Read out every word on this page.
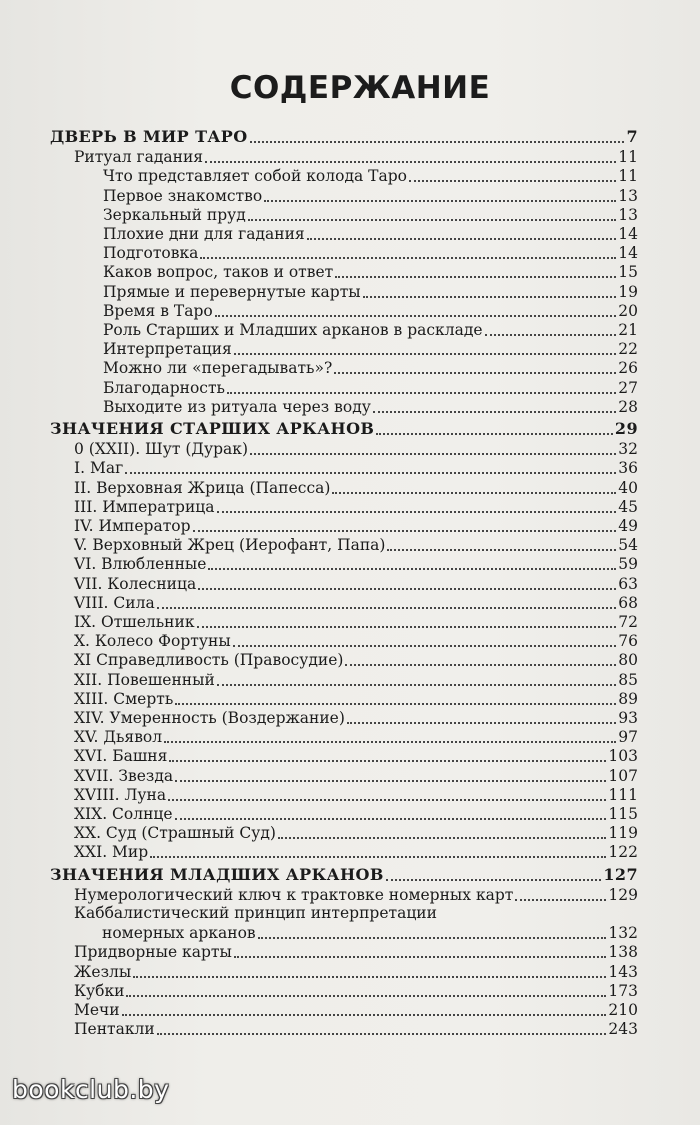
СОДЕРЖАНИЕ
ДВЕРЬ В МИР ТАРО	7
Ритуал гадания	11
Что представляет собой колода Таро	11
Первое знакомство	13
Зеркальный пруд	13
Плохие дни для гадания	14
Подготовка	14
Каков вопрос, таков и ответ	15
Прямые и перевернутые карты	19
Время в Таро	20
Роль Старших и Младших арканов в раскладе	21
Интерпретация	22
Можно ли «перегадывать»?	26
Благодарность	27
Выходите из ритуала через воду	28
ЗНАЧЕНИЯ СТАРШИХ АРКАНОВ	29
0 (XXII). Шут (Дурак)	32
I. Маг	36
II. Верховная Жрица (Папесса)	40
III. Императрица	45
IV. Император	49
V. Верховный Жрец (Иерофант, Папа)	54
VI. Влюбленные	59
VII. Колесница	63
VIII. Сила	68
IX. Отшельник	72
X. Колесо Фортуны	76
XI Справедливость (Правосудие)	80
XII. Повешенный	85
XIII. Смерть	89
XIV. Умеренность (Воздержание)	93
XV. Дьявол	97
XVI. Башня	103
XVII. Звезда	107
XVIII. Луна	111
XIX. Солнце	115
XX. Суд (Страшный Суд)	119
XXI. Мир	122
ЗНАЧЕНИЯ МЛАДШИХ АРКАНОВ	127
Нумерологический ключ к трактовке номерных карт	129
Каббалистический принцип интерпретации
номерных арканов	132
Придворные карты	138
Жезлы	143
Кубки	173
Мечи	210
Пентакли	243
bookclub.by
